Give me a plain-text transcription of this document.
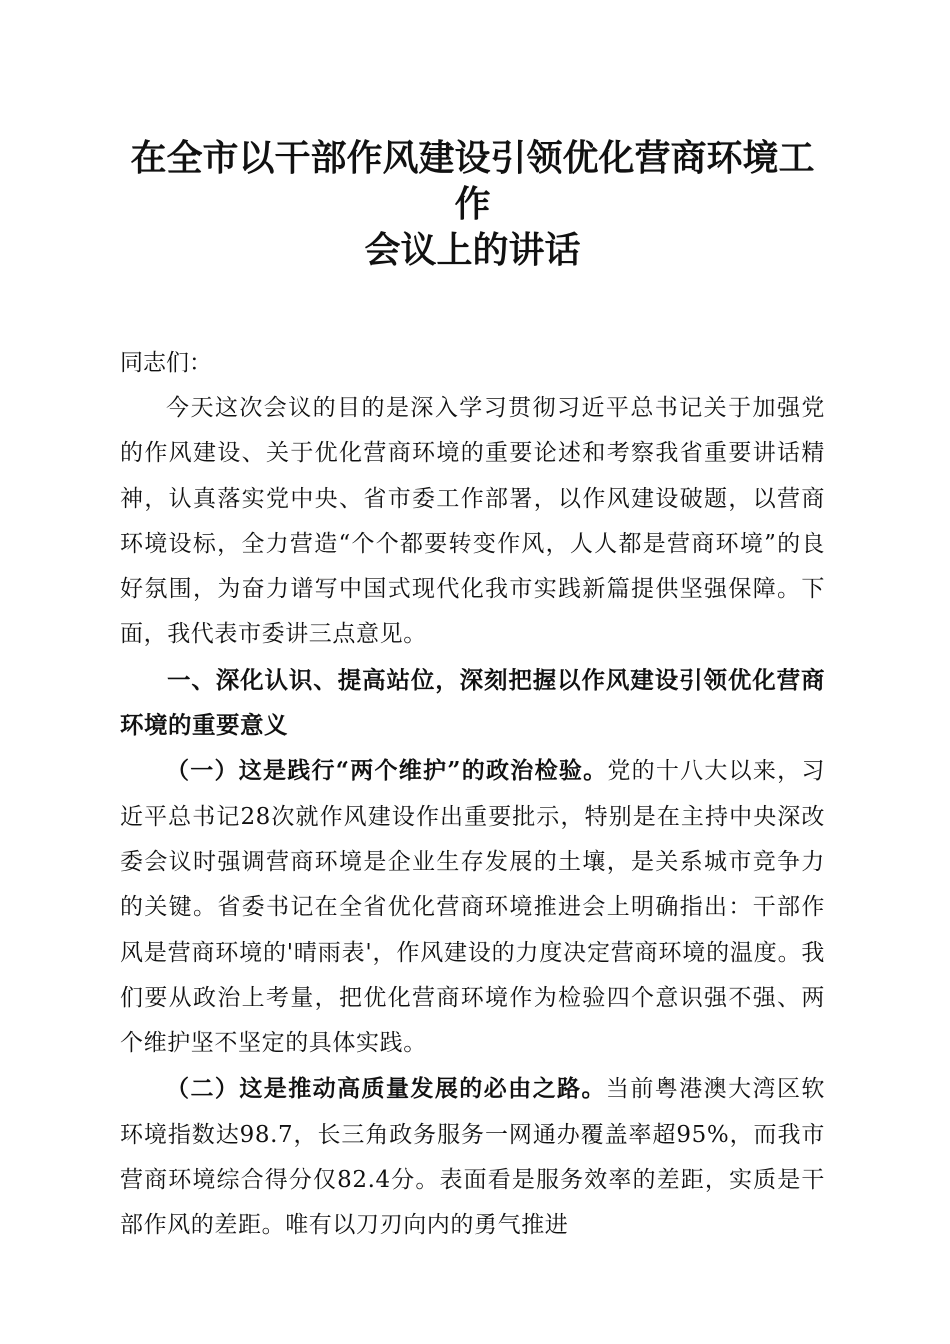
在全市以干部作风建设引领优化营商环境工作
会议上的讲话
同志们：

今天这次会议的目的是深入学习贯彻习近平总书记关于加强党的作风建设、关于优化营商环境的重要论述和考察我省重要讲话精神，认真落实党中央、省市委工作部署，以作风建设破题，以营商环境设标，全力营造“个个都要转变作风，人人都是营商环境”的良好氛围，为奋力谱写中国式现代化我市实践新篇提供坚强保障。下面，我代表市委讲三点意见。

一、深化认识、提高站位，深刻把握以作风建设引领优化营商环境的重要意义

（一）这是践行“两个维护”的政治检验。党的十八大以来，习近平总书记28次就作风建设作出重要批示，特别是在主持中央深改委会议时强调营商环境是企业生存发展的土壤，是关系城市竞争力的关键。省委书记在全省优化营商环境推进会上明确指出：干部作风是营商环境的'晴雨表'，作风建设的力度决定营商环境的温度。我们要从政治上考量，把优化营商环境作为检验四个意识强不强、两个维护坚不坚定的具体实践。

（二）这是推动高质量发展的必由之路。当前粤港澳大湾区软环境指数达98.7，长三角政务服务一网通办覆盖率超95%，而我市营商环境综合得分仅82.4分。表面看是服务效率的差距，实质是干部作风的差距。唯有以刀刃向内的勇气推进
